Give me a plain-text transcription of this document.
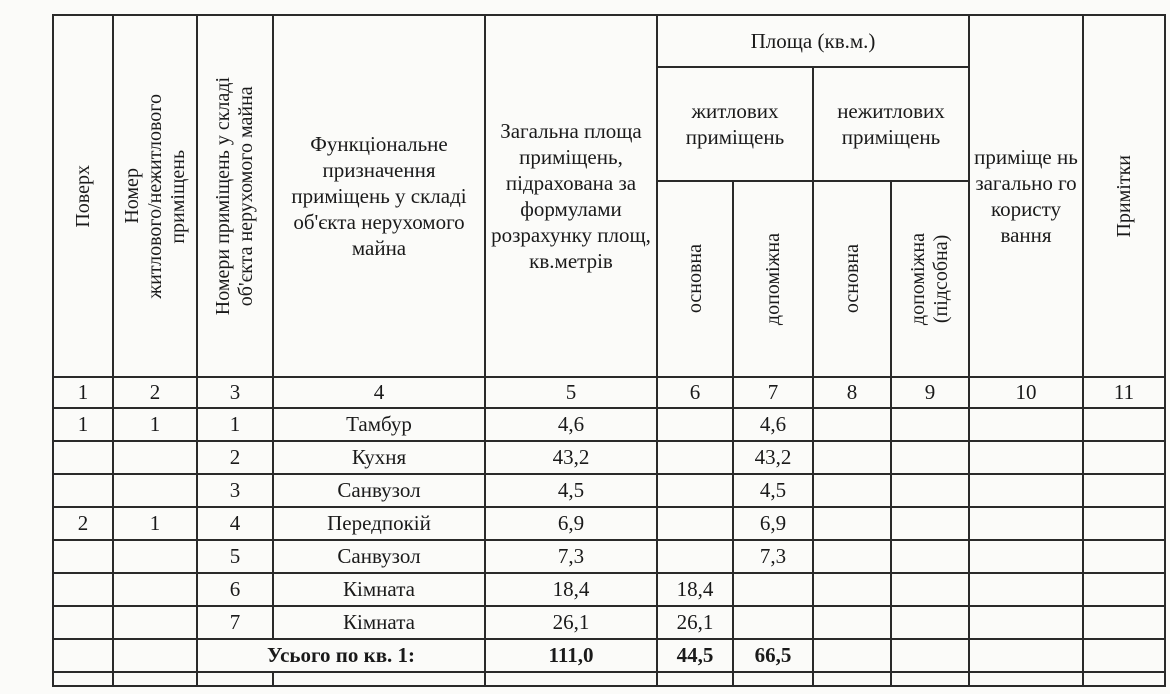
Поверх	Номер
житлового/нежитлового
приміщень	Номери приміщень у складі
об'єкта нерухомого майна	Функціональне призначення приміщень у складі об'єкта нерухомого майна	Загальна площа приміщень, підрахована за формулами розрахунку площ, кв.метрів	Площа (кв.м.)				приміще нь загально го користу вання	Примітки

					житлових приміщень		нежитлових приміщень			

					основна	допоміжна	основна	допоміжна
(підсобна)		

1	2	3	4	5	6	7	8	9	10	11
1	1	1	Тамбур	4,6		4,6				
		2	Кухня	43,2		43,2				
		3	Санвузол	4,5		4,5				
2	1	4	Передпокій	6,9		6,9				
		5	Санвузол	7,3		7,3				
		6	Кімната	18,4	18,4					
		7	Кімната	26,1	26,1					
		Усього по кв. 1:		111,0	44,5	66,5				
